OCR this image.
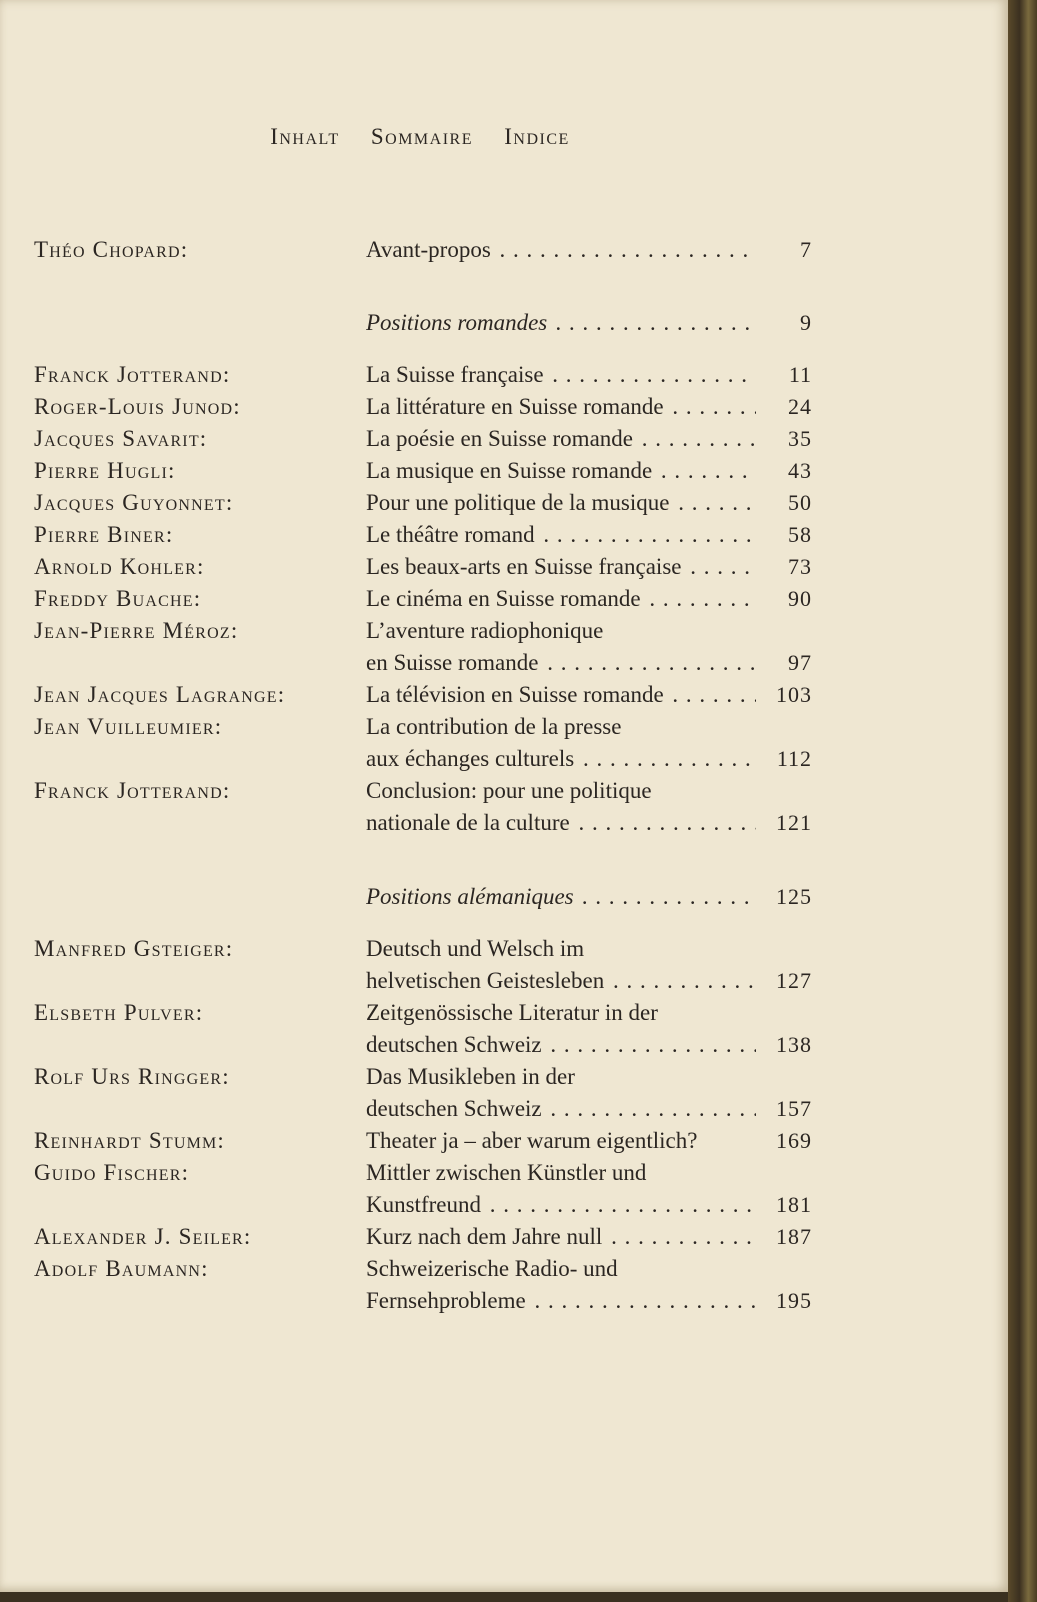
Inhalt Sommaire Indice
Théo Chopard:	Avant-propos . . .	7
Positions romandes . . .	9
Franck Jotterand:	La Suisse française . . .	11
Roger-Louis Junod:	La littérature en Suisse romande . . .	24
Jacques Savarit:	La poésie en Suisse romande . . .	35
Pierre Hugli:	La musique en Suisse romande . . .	43
Jacques Guyonnet:	Pour une politique de la musique . . .	50
Pierre Biner:	Le théâtre romand . . .	58
Arnold Kohler:	Les beaux-arts en Suisse française . . .	73
Freddy Buache:	Le cinéma en Suisse romande . . .	90
Jean-Pierre Méroz:	L’aventure radiophonique
en Suisse romande . . .	97
Jean Jacques Lagrange:	La télévision en Suisse romande . . .	103
Jean Vuilleumier:	La contribution de la presse
aux échanges culturels . . .	112
Franck Jotterand:	Conclusion: pour une politique
nationale de la culture . . .	121
Positions alémaniques . . .	125
Manfred Gsteiger:	Deutsch und Welsch im
helvetischen Geistesleben . . .	127
Elsbeth Pulver:	Zeitgenössische Literatur in der
deutschen Schweiz . . .	138
Rolf Urs Ringger:	Das Musikleben in der
deutschen Schweiz . . .	157
Reinhardt Stumm:	Theater ja – aber warum eigentlich?	169
Guido Fischer:	Mittler zwischen Künstler und
Kunstfreund . . .	181
Alexander J. Seiler:	Kurz nach dem Jahre null . . .	187
Adolf Baumann:	Schweizerische Radio- und
Fernsehprobleme . . .	195
